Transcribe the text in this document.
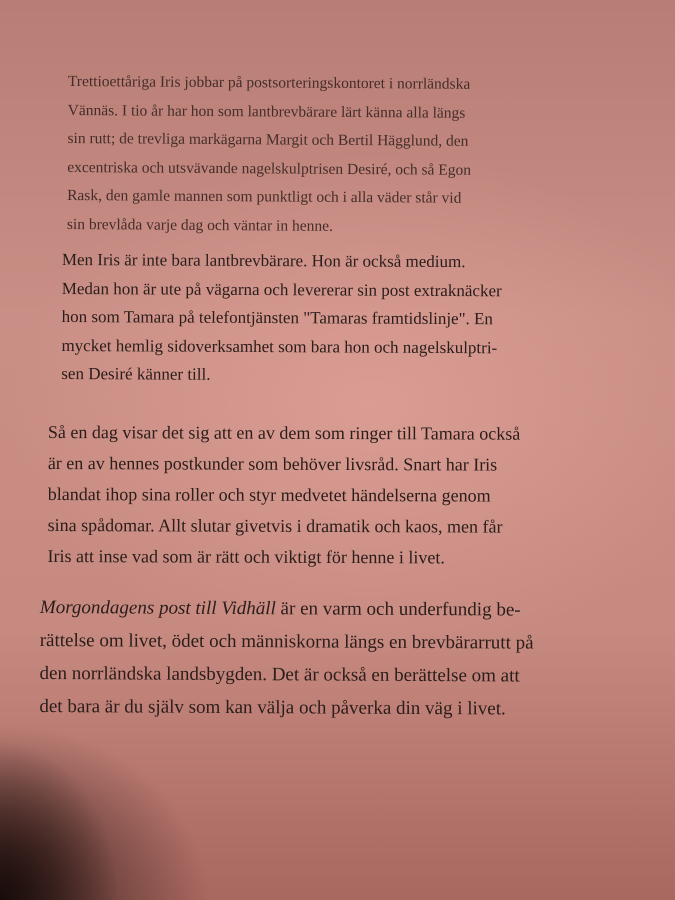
Trettioettåriga Iris jobbar på postsorteringskontoret i norrländska
Vännäs. I tio år har hon som lantbrevbärare lärt känna alla längs
sin rutt; de trevliga markägarna Margit och Bertil Hägglund, den
excentriska och utsvävande nagelskulptrisen Desiré, och så Egon
Rask, den gamle mannen som punktligt och i alla väder står vid
sin brevlåda varje dag och väntar in henne.
Men Iris är inte bara lantbrevbärare. Hon är också medium.
Medan hon är ute på vägarna och levererar sin post extraknäcker
hon som Tamara på telefontjänsten "Tamaras framtidslinje". En
mycket hemlig sidoverksamhet som bara hon och nagelskulptri-
sen Desiré känner till.
Så en dag visar det sig att en av dem som ringer till Tamara också
är en av hennes postkunder som behöver livsråd. Snart har Iris
blandat ihop sina roller och styr medvetet händelserna genom
sina spådomar. Allt slutar givetvis i dramatik och kaos, men får
Iris att inse vad som är rätt och viktigt för henne i livet.
Morgondagens post till Vidhäll är en varm och underfundig be-
rättelse om livet, ödet och människorna längs en brevbärarrutt på
den norrländska landsbygden. Det är också en berättelse om att
det bara är du själv som kan välja och påverka din väg i livet.
